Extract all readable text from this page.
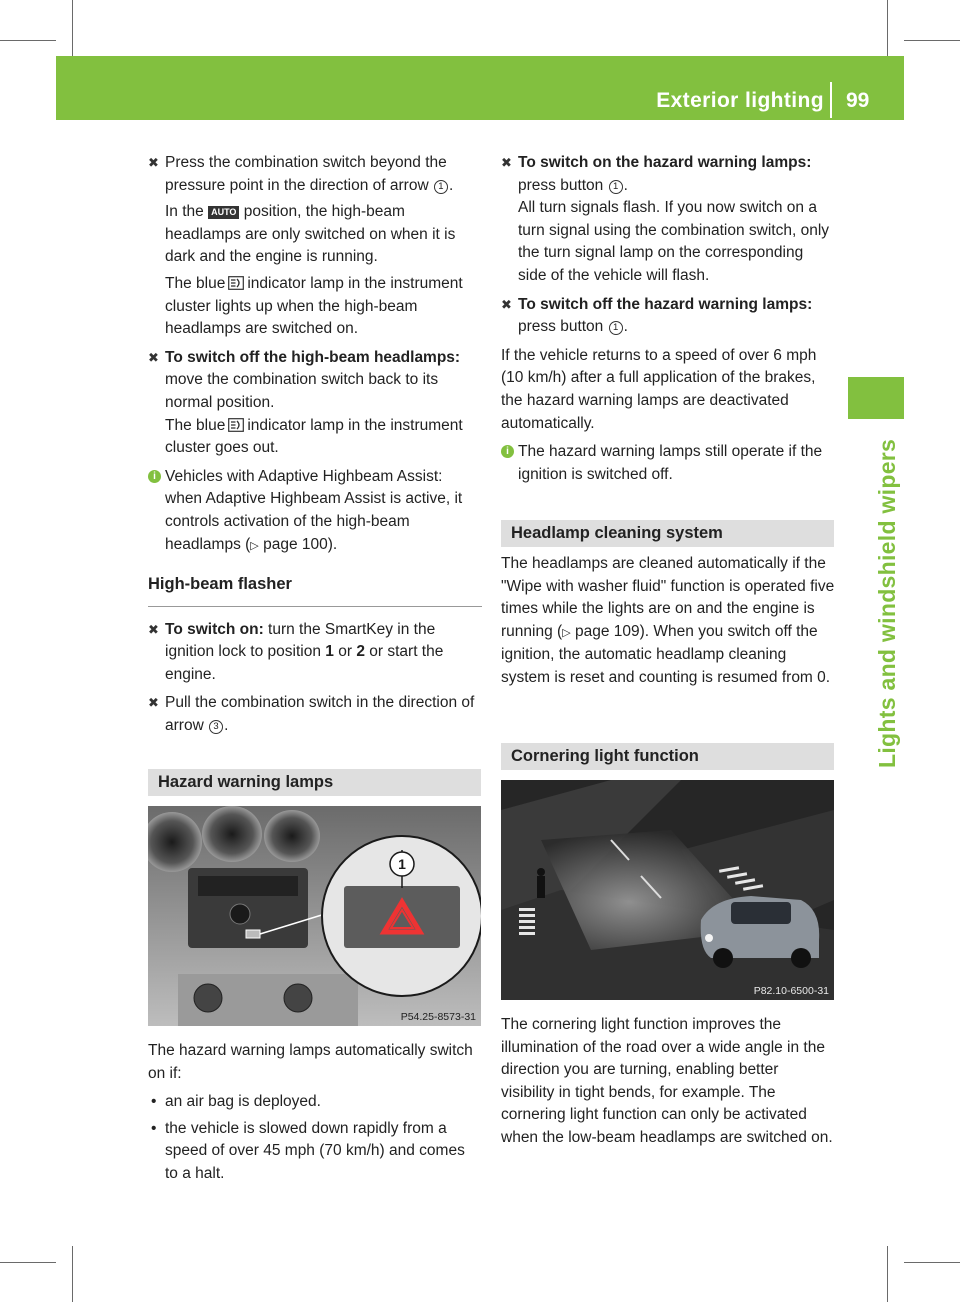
Exterior lighting 99
Lights and windshield wipers
✖ Press the combination switch beyond the pressure point in the direction of arrow 1 .

In the AUTO position, the high-beam headlamps are only switched on when it is dark and the engine is running.

The blue indicator lamp in the instrument cluster lights up when the high-beam headlamps are switched on.

✖ To switch off the high-beam headlamps: move the combination switch back to its normal position.

The blue indicator lamp in the instrument cluster goes out.

i Vehicles with Adaptive Highbeam Assist: when Adaptive Highbeam Assist is active, it controls activation of the high-beam headlamps (▷ page 100).

High-beam flasher
✖ To switch on: turn the SmartKey in the ignition lock to position 1 or 2 or start the engine.

✖ Pull the combination switch in the direction of arrow 3 .

Hazard warning lamps
1
P54.25-8573-31

The hazard warning lamps automatically switch on if:

• an air bag is deployed.
• the vehicle is slowed down rapidly from a speed of over 45 mph (70 km/h) and comes to a halt.
✖ To switch on the hazard warning lamps: press button 1 .

All turn signals flash. If you now switch on a turn signal using the combination switch, only the turn signal lamp on the corresponding side of the vehicle will flash.

✖ To switch off the hazard warning lamps: press button 1 .

If the vehicle returns to a speed of over 6 mph (10 km/h) after a full application of the brakes, the hazard warning lamps are deactivated automatically.

i The hazard warning lamps still operate if the ignition is switched off.

Headlamp cleaning system

The headlamps are cleaned automatically if the "Wipe with washer fluid" function is operated five times while the lights are on and the engine is running (▷ page 109). When you switch off the ignition, the automatic headlamp cleaning system is reset and counting is resumed from 0.

Cornering light function
P82.10-6500-31

The cornering light function improves the illumination of the road over a wide angle in the direction you are turning, enabling better visibility in tight bends, for example. The cornering light function can only be activated when the low-beam headlamps are switched on.
